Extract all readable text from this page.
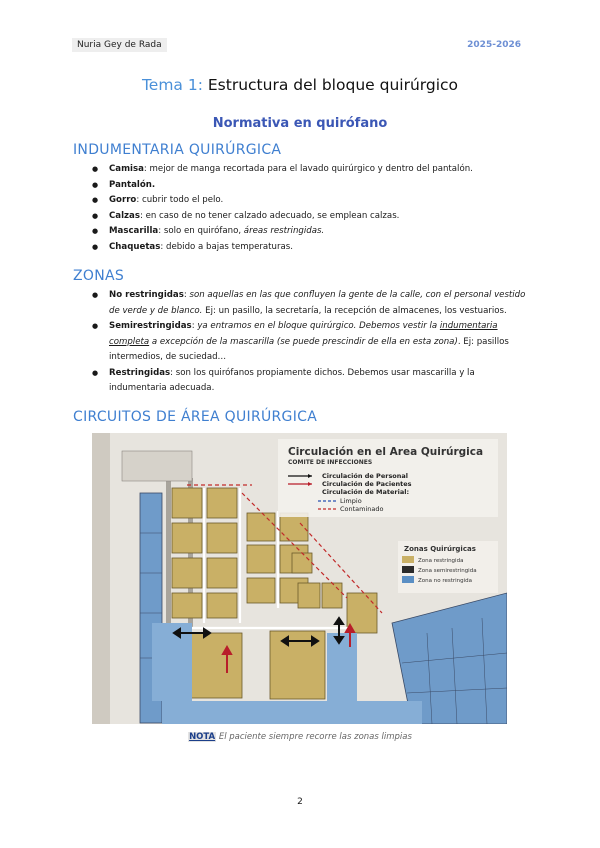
Nuria Gey de Rada	2025-2026
Tema 1: Estructura del bloque quirúrgico
Normativa en quirófano
INDUMENTARIA QUIRÚRGICA
● Camisa: mejor de manga recortada para el lavado quirúrgico y dentro del pantalón.
● Pantalón.
● Gorro: cubrir todo el pelo.
● Calzas: en caso de no tener calzado adecuado, se emplean calzas.
● Mascarilla: solo en quirófano, áreas restringidas.
● Chaquetas: debido a bajas temperaturas.
ZONAS
● No restringidas: son aquellas en las que confluyen la gente de la calle, con el personal vestido de verde y de blanco. Ej: un pasillo, la secretaría, la recepción de almacenes, los vestuarios.
● Semirestringidas: ya entramos en el bloque quirúrgico. Debemos vestir la indumentaria completa a excepción de la mascarilla (se puede prescindir de ella en esta zona). Ej: pasillos intermedios, de suciedad…
● Restringidas: son los quirófanos propiamente dichos. Debemos usar mascarilla y la indumentaria adecuada.
CIRCUITOS DE ÁREA QUIRÚRGICA
Circulación en el Area Quirúrgica
COMITE DE INFECCIONES
Circulación de Personal
Circulación de Pacientes
Circulación de Material:
Limpio
Contaminado
Zonas Quirúrgicas
Zona restringida
Zona semirestringida
Zona no restringida
NOTA El paciente siempre recorre las zonas limpias
2
